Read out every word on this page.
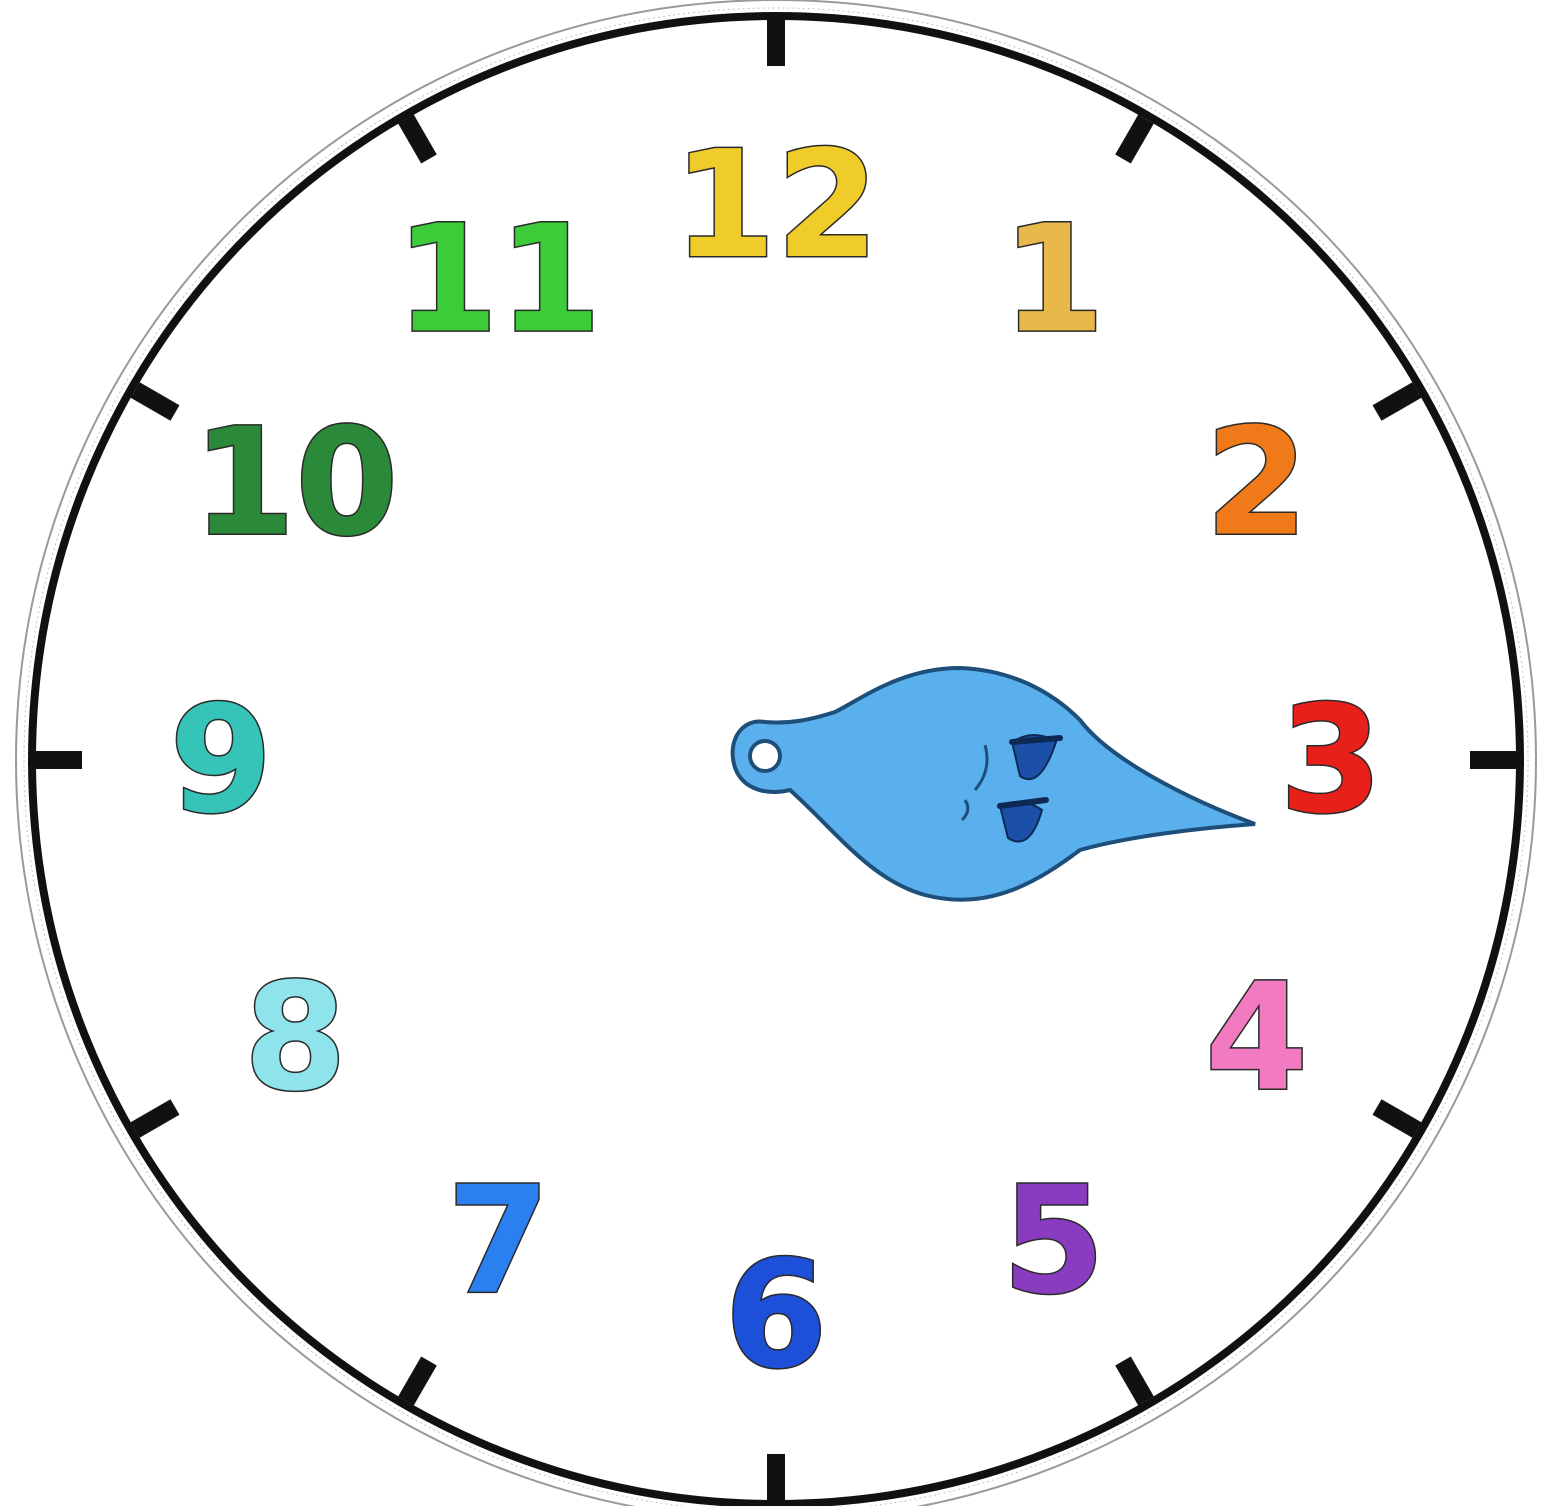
12 1
2
3
4
5
6
7
8
9
10
11
